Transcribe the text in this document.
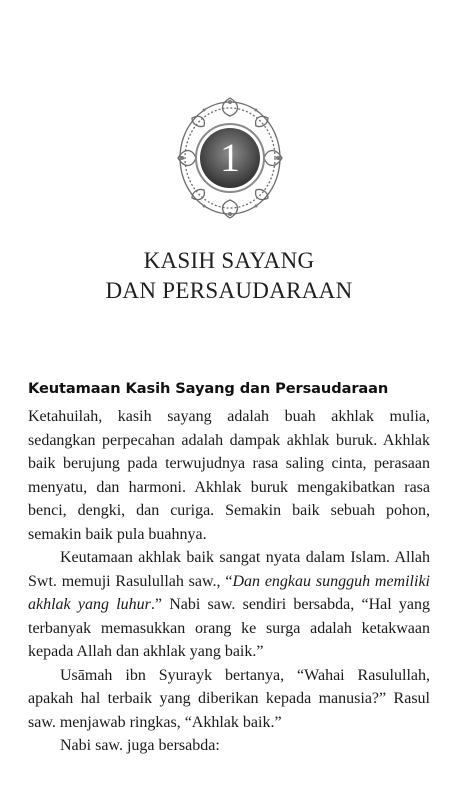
1
KASIH SAYANG
DAN PERSAUDARAAN
Keutamaan Kasih Sayang dan Persaudaraan

Ketahuilah, kasih sayang adalah buah akhlak mulia, sedangkan perpecahan adalah dampak akhlak buruk. Akhlak baik berujung pada terwujudnya rasa saling cinta, perasaan menyatu, dan harmoni. Akhlak buruk mengakibatkan rasa benci, dengki, dan curiga. Semakin baik sebuah pohon, semakin baik pula buahnya.

Keutamaan akhlak baik sangat nyata dalam Islam. Allah Swt. memuji Rasulullah saw., “Dan engkau sungguh memiliki akhlak yang luhur.” Nabi saw. sendiri bersabda, “Hal yang terbanyak memasukkan orang ke surga adalah ketakwaan kepada Allah dan akhlak yang baik.”

Usāmah ibn Syurayk bertanya, “Wahai Rasulullah, apakah hal terbaik yang diberikan kepada manusia?” Rasul saw. menjawab ringkas, “Akhlak baik.”

Nabi saw. juga bersabda:
